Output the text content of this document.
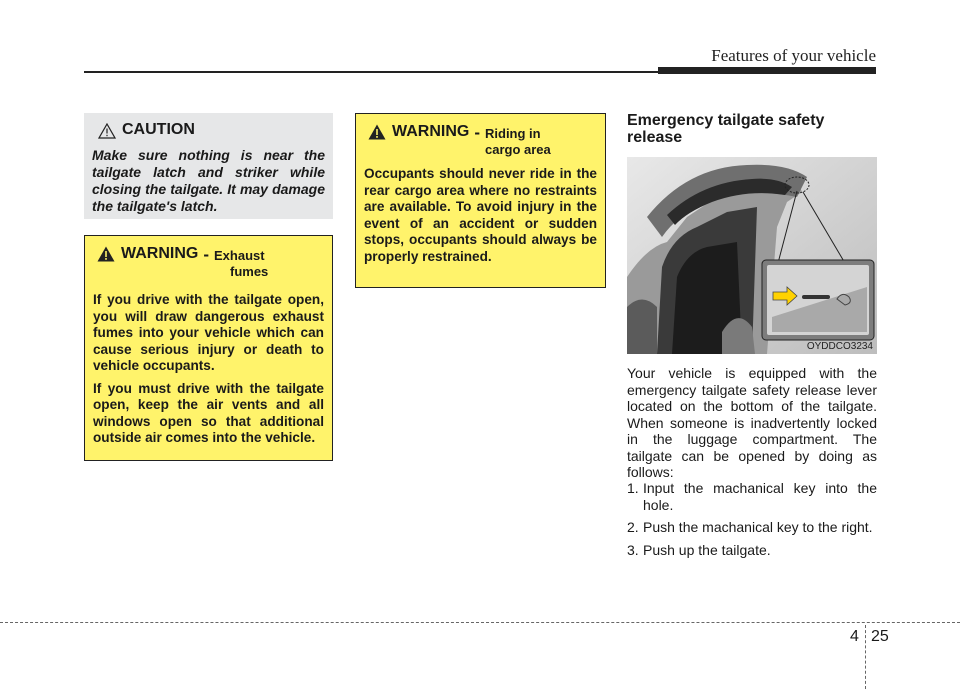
Features of your vehicle
CAUTION

Make sure nothing is near the tailgate latch and striker while closing the tailgate. It may damage the tailgate's latch.

WARNING - Exhaust
fumes

If you drive with the tailgate open, you will draw dangerous exhaust fumes into your vehicle which can cause serious injury or death to vehicle occupants.

If you must drive with the tailgate open, keep the air vents and all windows open so that additional outside air comes into the vehicle.

WARNING - Riding in
cargo area

Occupants should never ride in the rear cargo area where no restraints are available. To avoid injury in the event of an accident or sudden stops, occupants should always be properly restrained.

Emergency tailgate safety release
OYDDCO3234

Your vehicle is equipped with the emergency tailgate safety release lever located on the bottom of the tailgate. When someone is inadvertently locked in the luggage compartment. The tailgate can be opened by doing as follows:

1. Input the machanical key into the hole.
2. Push the machanical key to the right.
3. Push up the tailgate.
4 25
